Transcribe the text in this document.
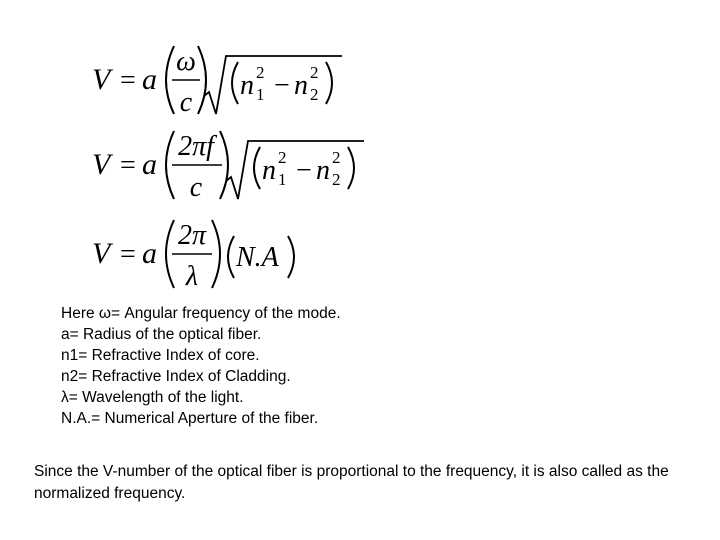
V = a
ω
c
n 2
1 − n 2
2
V = a
2πf
c
n 2
1 − n 2
2
V = a
2π
λ
N.A
Here ω= Angular frequency of the mode.
a= Radius of the optical fiber.
n1= Refractive Index of core.
n2= Refractive Index of Cladding.
λ= Wavelength of the light.
N.A.= Numerical Aperture of the fiber.
Since the V-number of the optical fiber is proportional to the frequency, it is also called as the normalized frequency.
